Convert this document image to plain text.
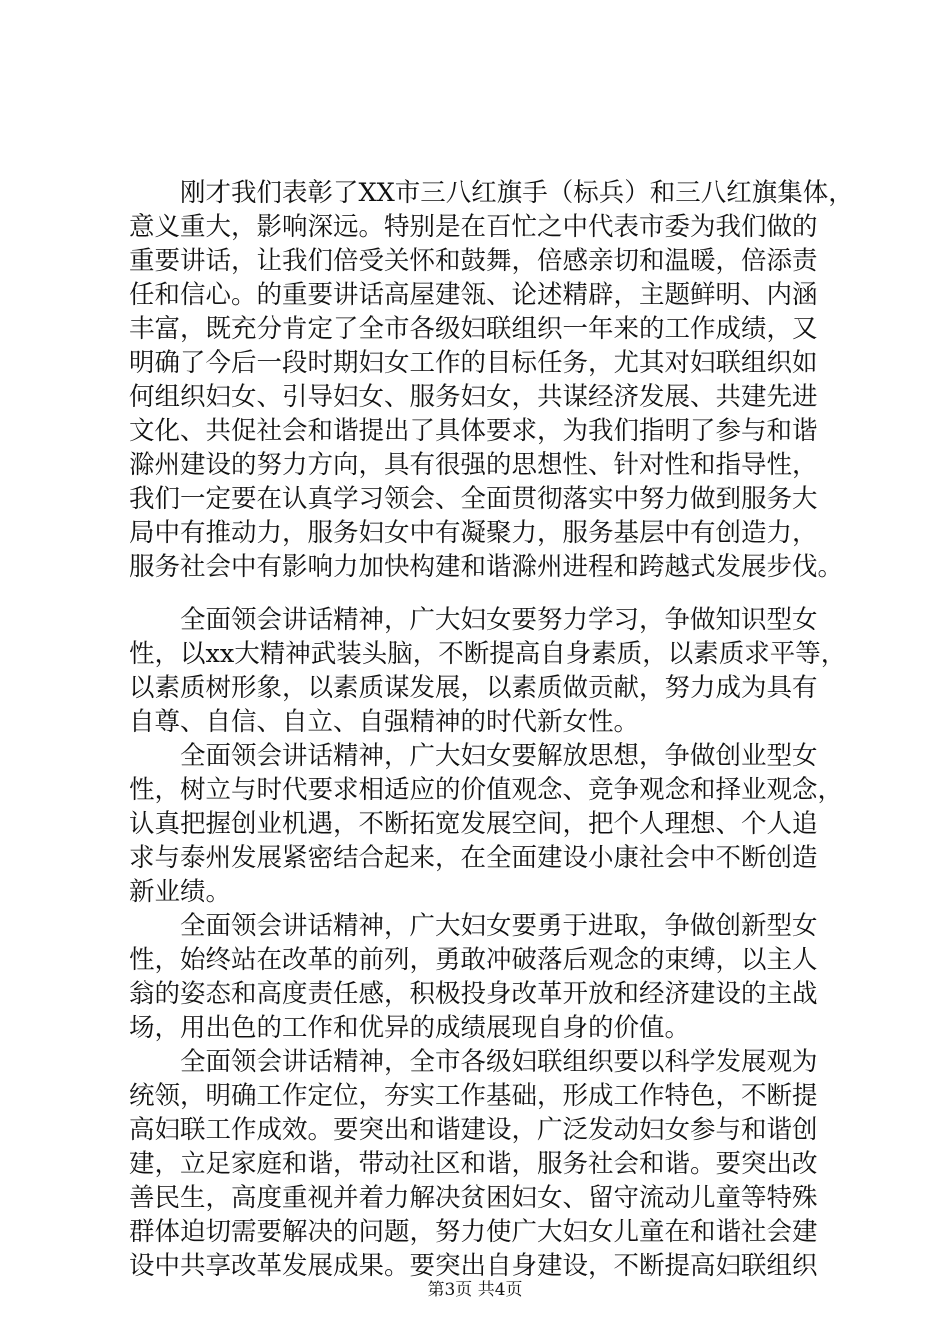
　　刚才我们表彰了XX市三八红旗手（标兵）和三八红旗集体，
意义重大，影响深远。特别是在百忙之中代表市委为我们做的
重要讲话，让我们倍受关怀和鼓舞，倍感亲切和温暖，倍添责
任和信心。的重要讲话高屋建瓴、论述精辟，主题鲜明、内涵
丰富，既充分肯定了全市各级妇联组织一年来的工作成绩，又
明确了今后一段时期妇女工作的目标任务，尤其对妇联组织如
何组织妇女、引导妇女、服务妇女，共谋经济发展、共建先进
文化、共促社会和谐提出了具体要求，为我们指明了参与和谐
滁州建设的努力方向，具有很强的思想性、针对性和指导性，
我们一定要在认真学习领会、全面贯彻落实中努力做到服务大
局中有推动力，服务妇女中有凝聚力，服务基层中有创造力，
服务社会中有影响力加快构建和谐滁州进程和跨越式发展步伐。
　　全面领会讲话精神，广大妇女要努力学习，争做知识型女
性，以xx大精神武装头脑，不断提高自身素质，以素质求平等，
以素质树形象，以素质谋发展，以素质做贡献，努力成为具有
自尊、自信、自立、自强精神的时代新女性。
　　全面领会讲话精神，广大妇女要解放思想，争做创业型女
性，树立与时代要求相适应的价值观念、竞争观念和择业观念，
认真把握创业机遇，不断拓宽发展空间，把个人理想、个人追
求与泰州发展紧密结合起来，在全面建设小康社会中不断创造
新业绩。
　　全面领会讲话精神，广大妇女要勇于进取，争做创新型女
性，始终站在改革的前列，勇敢冲破落后观念的束缚，以主人
翁的姿态和高度责任感，积极投身改革开放和经济建设的主战
场，用出色的工作和优异的成绩展现自身的价值。
　　全面领会讲话精神，全市各级妇联组织要以科学发展观为
统领，明确工作定位，夯实工作基础，形成工作特色，不断提
高妇联工作成效。要突出和谐建设，广泛发动妇女参与和谐创
建，立足家庭和谐，带动社区和谐，服务社会和谐。要突出改
善民生，高度重视并着力解决贫困妇女、留守流动儿童等特殊
群体迫切需要解决的问题，努力使广大妇女儿童在和谐社会建
设中共享改革发展成果。要突出自身建设，不断提高妇联组织
第3页 共4页
